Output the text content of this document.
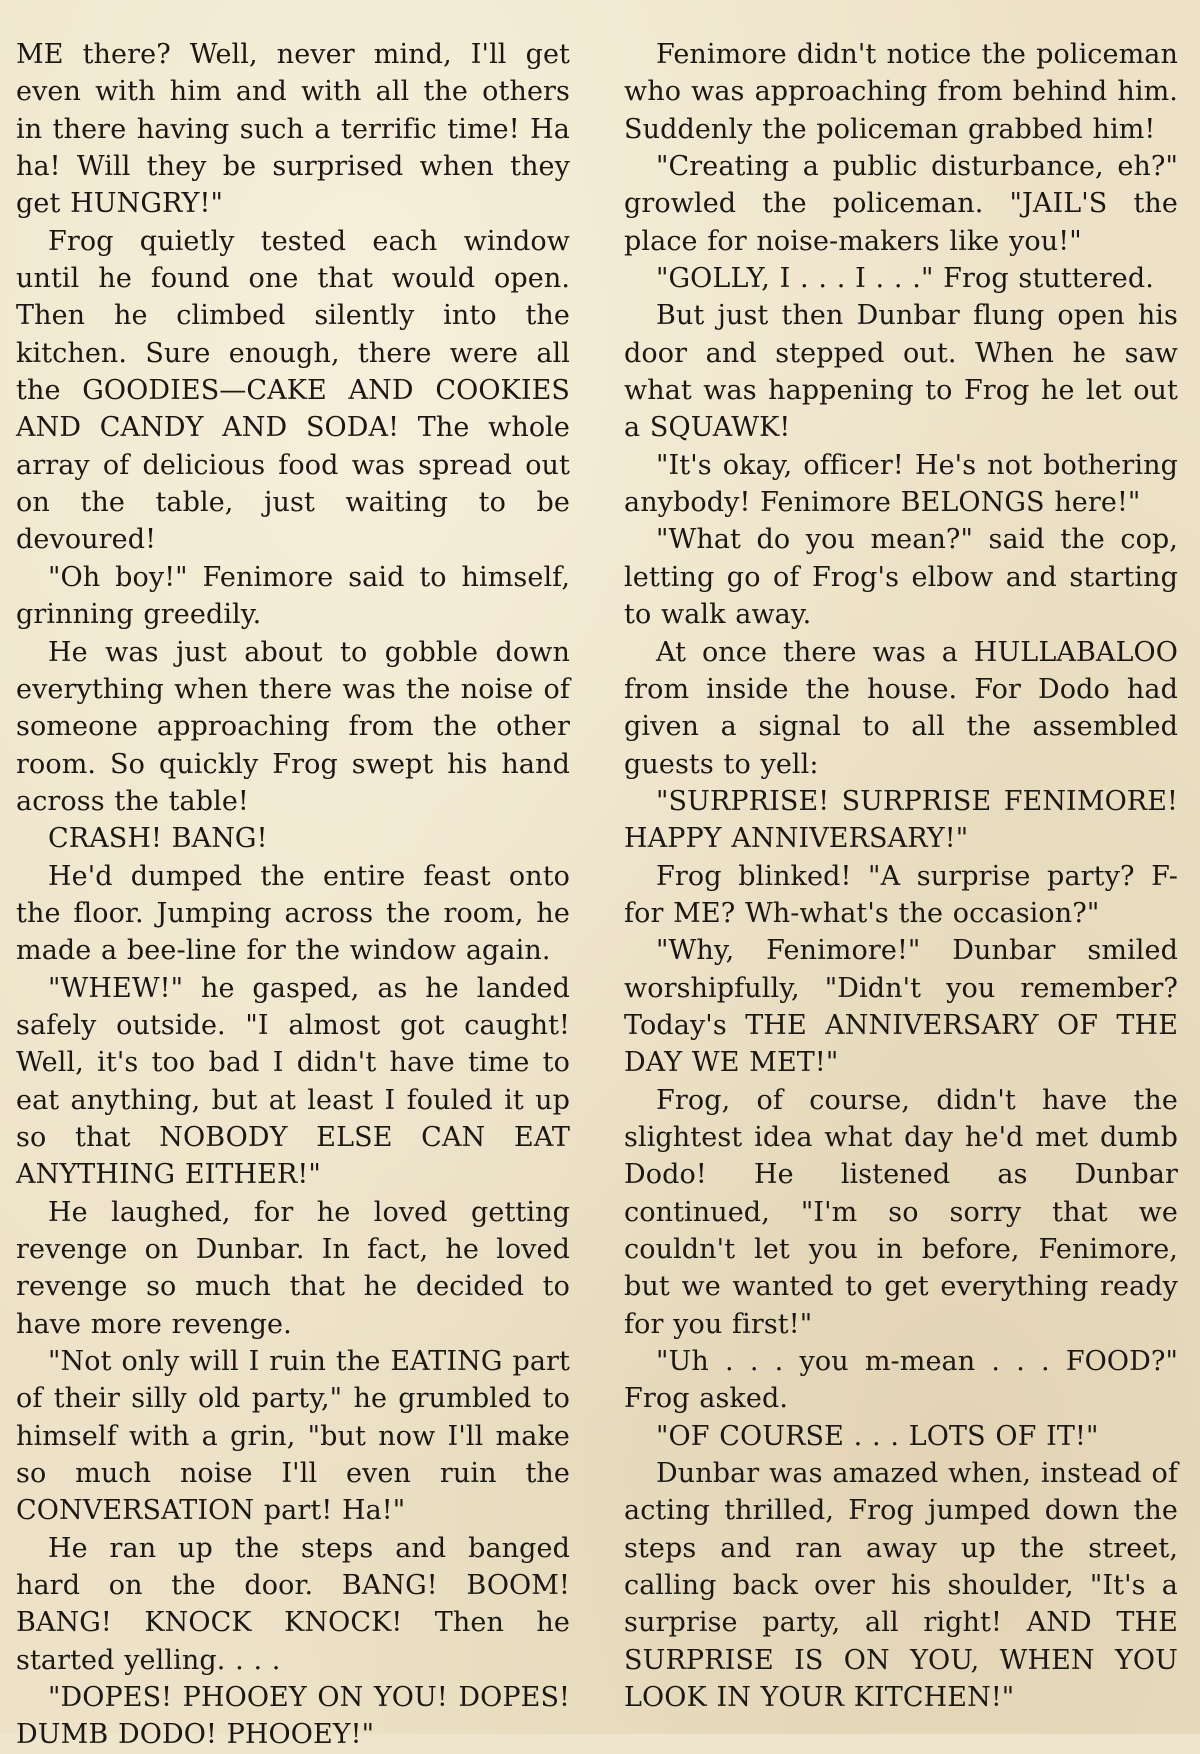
ME there? Well, never mind, I'll get even with him and with all the others in there having such a terrific time! Ha ha! Will they be surprised when they get HUNGRY!"

Frog quietly tested each window until he found one that would open. Then he climbed silently into the kitchen. Sure enough, there were all the GOODIES—CAKE AND COOKIES AND CANDY AND SODA! The whole array of delicious food was spread out on the table, just waiting to be devoured!

"Oh boy!" Fenimore said to himself, grinning greedily.

He was just about to gobble down everything when there was the noise of someone approaching from the other room. So quickly Frog swept his hand across the table!

CRASH! BANG!

He'd dumped the entire feast onto the floor. Jumping across the room, he made a bee-line for the window again.

"WHEW!" he gasped, as he landed safely outside. "I almost got caught! Well, it's too bad I didn't have time to eat anything, but at least I fouled it up so that NOBODY ELSE CAN EAT ANYTHING EITHER!"

He laughed, for he loved getting revenge on Dunbar. In fact, he loved revenge so much that he decided to have more revenge.

"Not only will I ruin the EATING part of their silly old party," he grumbled to himself with a grin, "but now I'll make so much noise I'll even ruin the CONVERSATION part! Ha!"

He ran up the steps and banged hard on the door. BANG! BOOM! BANG! KNOCK KNOCK! Then he started yelling. . . .

"DOPES! PHOOEY ON YOU! DOPES! DUMB DODO! PHOOEY!"

Fenimore didn't notice the policeman who was approaching from behind him. Suddenly the policeman grabbed him!

"Creating a public disturbance, eh?" growled the policeman. "JAIL'S the place for noise-makers like you!"

"GOLLY, I . . . I . . ." Frog stuttered.

But just then Dunbar flung open his door and stepped out. When he saw what was happening to Frog he let out a SQUAWK!

"It's okay, officer! He's not bothering anybody! Fenimore BELONGS here!"

"What do you mean?" said the cop, letting go of Frog's elbow and starting to walk away.

At once there was a HULLABALOO from inside the house. For Dodo had given a signal to all the assembled guests to yell:

"SURPRISE! SURPRISE FENIMORE! HAPPY ANNIVERSARY!"

Frog blinked! "A surprise party? F-for ME? Wh-what's the occasion?"

"Why, Fenimore!" Dunbar smiled worshipfully, "Didn't you remember? Today's THE ANNIVERSARY OF THE DAY WE MET!"

Frog, of course, didn't have the slightest idea what day he'd met dumb Dodo! He listened as Dunbar continued, "I'm so sorry that we couldn't let you in before, Fenimore, but we wanted to get everything ready for you first!"

"Uh . . . you m-mean . . . FOOD?" Frog asked.

"OF COURSE . . . LOTS OF IT!"

Dunbar was amazed when, instead of acting thrilled, Frog jumped down the steps and ran away up the street, calling back over his shoulder, "It's a surprise party, all right! AND THE SURPRISE IS ON YOU, WHEN YOU LOOK IN YOUR KITCHEN!"
